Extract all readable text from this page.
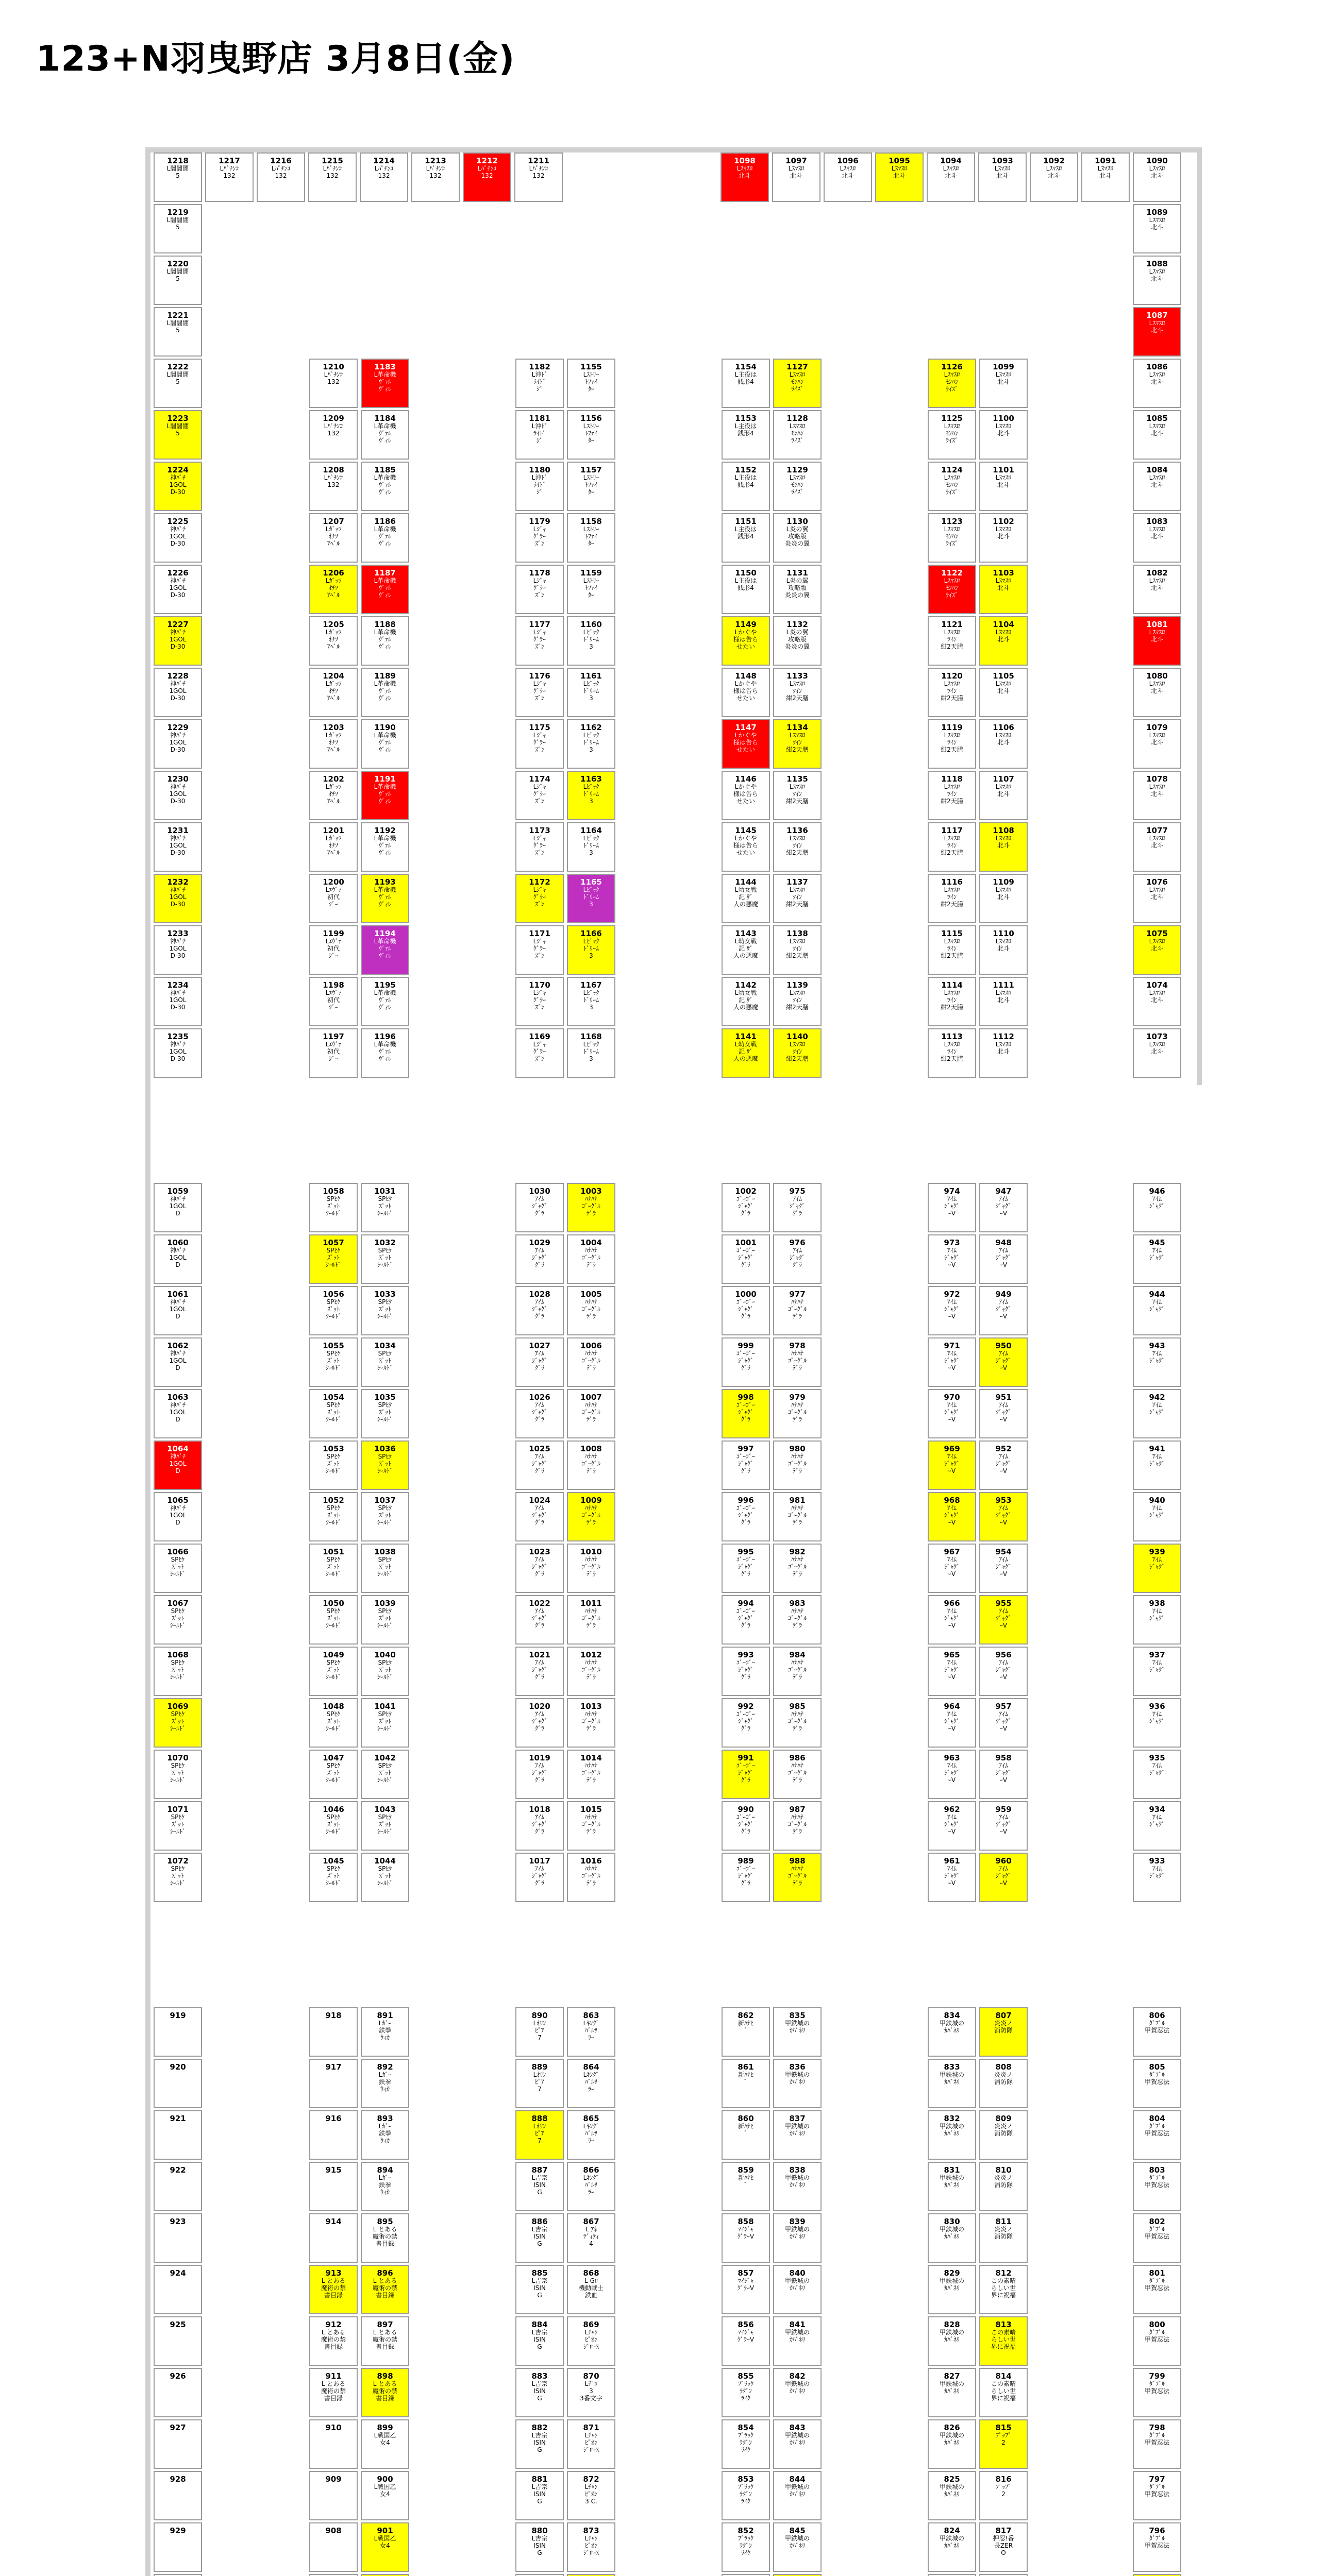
123+N羽曳野店 3月8日(金)
1218
L闇闇闇
5
1219
L闇闇闇
5
1220
L闇闇闇
5
1221
L闇闇闇
5
1222
L闇闇闇
5
1223
L闇闇闇
5
1224
神ﾊﾟﾁ
1GOL
D-30
1225
神ﾊﾟﾁ
1GOL
D-30
1226
神ﾊﾟﾁ
1GOL
D-30
1227
神ﾊﾟﾁ
1GOL
D-30
1228
神ﾊﾟﾁ
1GOL
D-30
1229
神ﾊﾟﾁ
1GOL
D-30
1230
神ﾊﾟﾁ
1GOL
D-30
1231
神ﾊﾟﾁ
1GOL
D-30
1232
神ﾊﾟﾁ
1GOL
D-30
1233
神ﾊﾟﾁ
1GOL
D-30
1234
神ﾊﾟﾁ
1GOL
D-30
1235
神ﾊﾟﾁ
1GOL
D-30
1059
神ﾊﾟﾁ
1GOL
D
1060
神ﾊﾟﾁ
1GOL
D
1061
神ﾊﾟﾁ
1GOL
D
1062
神ﾊﾟﾁ
1GOL
D
1063
神ﾊﾟﾁ
1GOL
D
1064
神ﾊﾟﾁ
1GOL
D
1065
神ﾊﾟﾁ
1GOL
D
1066
SPﾋｹ
ｽﾟｯﾄ
ｼｰﾙﾄﾞ
1067
SPﾋｹ
ｽﾟｯﾄ
ｼｰﾙﾄﾞ
1068
SPﾋｹ
ｽﾟｯﾄ
ｼｰﾙﾄﾞ
1069
SPﾋｹ
ｽﾟｯﾄ
ｼｰﾙﾄﾞ
1070
SPﾋｹ
ｽﾟｯﾄ
ｼｰﾙﾄﾞ
1071
SPﾋｹ
ｽﾟｯﾄ
ｼｰﾙﾄﾞ
1072
SPﾋｹ
ｽﾟｯﾄ
ｼｰﾙﾄﾞ
919
920
921
922
923
924
925
926
927
928
929
1217
Lﾊﾟﾁﾝｺ
132
1216
Lﾊﾟﾁﾝｺ
132
1215
Lﾊﾟﾁﾝｺ
132
1214
Lﾊﾟﾁﾝｺ
132
1213
Lﾊﾟﾁﾝｺ
132
1212
Lﾊﾟﾁﾝｺ
132
1211
Lﾊﾟﾁﾝｺ
132
1098
Lｽﾏｽﾛ
北斗
1097
Lｽﾏｽﾛ
北斗
1096
Lｽﾏｽﾛ
北斗
1095
Lｽﾏｽﾛ
北斗
1094
Lｽﾏｽﾛ
北斗
1093
Lｽﾏｽﾛ
北斗
1092
Lｽﾏｽﾛ
北斗
1091
Lｽﾏｽﾛ
北斗
1090
Lｽﾏｽﾛ
北斗
1089
Lｽﾏｽﾛ
北斗
1088
Lｽﾏｽﾛ
北斗
1087
Lｽﾏｽﾛ
北斗
1086
Lｽﾏｽﾛ
北斗
1085
Lｽﾏｽﾛ
北斗
1084
Lｽﾏｽﾛ
北斗
1083
Lｽﾏｽﾛ
北斗
1082
Lｽﾏｽﾛ
北斗
1081
Lｽﾏｽﾛ
北斗
1080
Lｽﾏｽﾛ
北斗
1079
Lｽﾏｽﾛ
北斗
1078
Lｽﾏｽﾛ
北斗
1077
Lｽﾏｽﾛ
北斗
1076
Lｽﾏｽﾛ
北斗
1075
Lｽﾏｽﾛ
北斗
1074
Lｽﾏｽﾛ
北斗
1073
Lｽﾏｽﾛ
北斗
946
ｱｲﾑ
ｼﾞｬｸﾞ
945
ｱｲﾑ
ｼﾞｬｸﾞ
944
ｱｲﾑ
ｼﾞｬｸﾞ
943
ｱｲﾑ
ｼﾞｬｸﾞ
942
ｱｲﾑ
ｼﾞｬｸﾞ
941
ｱｲﾑ
ｼﾞｬｸﾞ
940
ｱｲﾑ
ｼﾞｬｸﾞ
939
ｱｲﾑ
ｼﾞｬｸﾞ
938
ｱｲﾑ
ｼﾞｬｸﾞ
937
ｱｲﾑ
ｼﾞｬｸﾞ
936
ｱｲﾑ
ｼﾞｬｸﾞ
935
ｱｲﾑ
ｼﾞｬｸﾞ
934
ｱｲﾑ
ｼﾞｬｸﾞ
933
ｱｲﾑ
ｼﾞｬｸﾞ
806
ﾀﾞﾌﾞﾙ
甲賀忍法
805
ﾀﾞﾌﾞﾙ
甲賀忍法
804
ﾀﾞﾌﾞﾙ
甲賀忍法
803
ﾀﾞﾌﾞﾙ
甲賀忍法
802
ﾀﾞﾌﾞﾙ
甲賀忍法
801
ﾀﾞﾌﾞﾙ
甲賀忍法
800
ﾀﾞﾌﾞﾙ
甲賀忍法
799
ﾀﾞﾌﾞﾙ
甲賀忍法
798
ﾀﾞﾌﾞﾙ
甲賀忍法
797
ﾀﾞﾌﾞﾙ
甲賀忍法
796
ﾀﾞﾌﾞﾙ
甲賀忍法
1210
Lﾊﾟﾁﾝｺ
132
1209
Lﾊﾟﾁﾝｺ
132
1208
Lﾊﾟﾁﾝｺ
132
1207
Lｶﾞｯﾂ
ｵﾁｿ
ｱﾍﾞﾙ
1206
Lｶﾞｯﾂ
ｵﾁｿ
ｱﾍﾞﾙ
1205
Lｶﾞｯﾂ
ｵﾁｿ
ｱﾍﾞﾙ
1204
Lｶﾞｯﾂ
ｵﾁｿ
ｱﾍﾞﾙ
1203
Lｶﾞｯﾂ
ｵﾁｿ
ｱﾍﾞﾙ
1202
Lｶﾞｯﾂ
ｵﾁｿ
ｱﾍﾞﾙ
1201
Lｶﾞｯﾂ
ｵﾁｿ
ｱﾍﾞﾙ
1200
Lｴｳﾞｧ
初代
ｼﾞｰ
1199
Lｴｳﾞｧ
初代
ｼﾞｰ
1198
Lｴｳﾞｧ
初代
ｼﾞｰ
1197
Lｴｳﾞｧ
初代
ｼﾞｰ
1183
L革命機
ｳﾞｧﾙ
ｳﾞｨﾚ
1184
L革命機
ｳﾞｧﾙ
ｳﾞｨﾚ
1185
L革命機
ｳﾞｧﾙ
ｳﾞｨﾚ
1186
L革命機
ｳﾞｧﾙ
ｳﾞｨﾚ
1187
L革命機
ｳﾞｧﾙ
ｳﾞｨﾚ
1188
L革命機
ｳﾞｧﾙ
ｳﾞｨﾚ
1189
L革命機
ｳﾞｧﾙ
ｳﾞｨﾚ
1190
L革命機
ｳﾞｧﾙ
ｳﾞｨﾚ
1191
L革命機
ｳﾞｧﾙ
ｳﾞｨﾚ
1192
L革命機
ｳﾞｧﾙ
ｳﾞｨﾚ
1193
L革命機
ｳﾞｧﾙ
ｳﾞｨﾚ
1194
L革命機
ｳﾞｧﾙ
ｳﾞｨﾚ
1195
L革命機
ｳﾞｧﾙ
ｳﾞｨﾚ
1196
L革命機
ｳﾞｧﾙ
ｳﾞｨﾚ
1058
SPﾋｹ
ｽﾟｯﾄ
ｼｰﾙﾄﾞ
1057
SPﾋｹ
ｽﾟｯﾄ
ｼｰﾙﾄﾞ
1056
SPﾋｹ
ｽﾟｯﾄ
ｼｰﾙﾄﾞ
1055
SPﾋｹ
ｽﾟｯﾄ
ｼｰﾙﾄﾞ
1054
SPﾋｹ
ｽﾟｯﾄ
ｼｰﾙﾄﾞ
1053
SPﾋｹ
ｽﾟｯﾄ
ｼｰﾙﾄﾞ
1052
SPﾋｹ
ｽﾟｯﾄ
ｼｰﾙﾄﾞ
1051
SPﾋｹ
ｽﾟｯﾄ
ｼｰﾙﾄﾞ
1050
SPﾋｹ
ｽﾟｯﾄ
ｼｰﾙﾄﾞ
1049
SPﾋｹ
ｽﾟｯﾄ
ｼｰﾙﾄﾞ
1048
SPﾋｹ
ｽﾟｯﾄ
ｼｰﾙﾄﾞ
1047
SPﾋｹ
ｽﾟｯﾄ
ｼｰﾙﾄﾞ
1046
SPﾋｹ
ｽﾟｯﾄ
ｼｰﾙﾄﾞ
1045
SPﾋｹ
ｽﾟｯﾄ
ｼｰﾙﾄﾞ
1031
SPﾋｹ
ｽﾟｯﾄ
ｼｰﾙﾄﾞ
1032
SPﾋｹ
ｽﾟｯﾄ
ｼｰﾙﾄﾞ
1033
SPﾋｹ
ｽﾟｯﾄ
ｼｰﾙﾄﾞ
1034
SPﾋｹ
ｽﾟｯﾄ
ｼｰﾙﾄﾞ
1035
SPﾋｹ
ｽﾟｯﾄ
ｼｰﾙﾄﾞ
1036
SPﾋｹ
ｽﾟｯﾄ
ｼｰﾙﾄﾞ
1037
SPﾋｹ
ｽﾟｯﾄ
ｼｰﾙﾄﾞ
1038
SPﾋｹ
ｽﾟｯﾄ
ｼｰﾙﾄﾞ
1039
SPﾋｹ
ｽﾟｯﾄ
ｼｰﾙﾄﾞ
1040
SPﾋｹ
ｽﾟｯﾄ
ｼｰﾙﾄﾞ
1041
SPﾋｹ
ｽﾟｯﾄ
ｼｰﾙﾄﾞ
1042
SPﾋｹ
ｽﾟｯﾄ
ｼｰﾙﾄﾞ
1043
SPﾋｹ
ｽﾟｯﾄ
ｼｰﾙﾄﾞ
1044
SPﾋｹ
ｽﾟｯﾄ
ｼｰﾙﾄﾞ
918
917
916
915
914
913
L とある
魔術の禁
書目録
912
L とある
魔術の禁
書目録
911
L とある
魔術の禁
書目録
910
909
908
891
Lｶﾞｰ
鉄拳
ｳｨｶ
892
Lｶﾞｰ
鉄拳
ｳｨｶ
893
Lｶﾞｰ
鉄拳
ｳｨｶ
894
Lｶﾞｰ
鉄拳
ｳｨｶ
895
L とある
魔術の禁
書目録
896
L とある
魔術の禁
書目録
897
L とある
魔術の禁
書目録
898
L とある
魔術の禁
書目録
899
L戦国乙
女4
900
L戦国乙
女4
901
L戦国乙
女4
1182
L沖ﾄﾞ
ﾗｲﾄﾞ
ｼﾞ
1181
L沖ﾄﾞ
ﾗｲﾄﾞ
ｼﾞ
1180
L沖ﾄﾞ
ﾗｲﾄﾞ
ｼﾞ
1179
Lｼﾞｬ
ｸﾞﾗｰ
ｽﾞﾝ
1178
Lｼﾞｬ
ｸﾞﾗｰ
ｽﾞﾝ
1177
Lｼﾞｬ
ｸﾞﾗｰ
ｽﾞﾝ
1176
Lｼﾞｬ
ｸﾞﾗｰ
ｽﾞﾝ
1175
Lｼﾞｬ
ｸﾞﾗｰ
ｽﾞﾝ
1174
Lｼﾞｬ
ｸﾞﾗｰ
ｽﾞﾝ
1173
Lｼﾞｬ
ｸﾞﾗｰ
ｽﾞﾝ
1172
Lｼﾞｬ
ｸﾞﾗｰ
ｽﾞﾝ
1171
Lｼﾞｬ
ｸﾞﾗｰ
ｽﾞﾝ
1170
Lｼﾞｬ
ｸﾞﾗｰ
ｽﾞﾝ
1169
Lｼﾞｬ
ｸﾞﾗｰ
ｽﾞﾝ
1155
Lｽﾄﾘｰ
ﾄﾌｧｲ
ﾀｰ
1156
Lｽﾄﾘｰ
ﾄﾌｧｲ
ﾀｰ
1157
Lｽﾄﾘｰ
ﾄﾌｧｲ
ﾀｰ
1158
Lｽﾄﾘｰ
ﾄﾌｧｲ
ﾀｰ
1159
Lｽﾄﾘｰ
ﾄﾌｧｲ
ﾀｰ
1160
Lﾋﾞｯｸ
ﾄﾞﾘｰﾑ
3
1161
Lﾋﾞｯｸ
ﾄﾞﾘｰﾑ
3
1162
Lﾋﾞｯｸ
ﾄﾞﾘｰﾑ
3
1163
Lﾋﾞｯｸ
ﾄﾞﾘｰﾑ
3
1164
Lﾋﾞｯｸ
ﾄﾞﾘｰﾑ
3
1165
Lﾋﾞｯｸ
ﾄﾞﾘｰﾑ
3
1166
Lﾋﾞｯｸ
ﾄﾞﾘｰﾑ
3
1167
Lﾋﾞｯｸ
ﾄﾞﾘｰﾑ
3
1168
Lﾋﾞｯｸ
ﾄﾞﾘｰﾑ
3
1030
ｱｲﾑ
ｼﾞｬｸﾞ
ｸﾞﾗ
1029
ｱｲﾑ
ｼﾞｬｸﾞ
ｸﾞﾗ
1028
ｱｲﾑ
ｼﾞｬｸﾞ
ｸﾞﾗ
1027
ｱｲﾑ
ｼﾞｬｸﾞ
ｸﾞﾗ
1026
ｱｲﾑ
ｼﾞｬｸﾞ
ｸﾞﾗ
1025
ｱｲﾑ
ｼﾞｬｸﾞ
ｸﾞﾗ
1024
ｱｲﾑ
ｼﾞｬｸﾞ
ｸﾞﾗ
1023
ｱｲﾑ
ｼﾞｬｸﾞ
ｸﾞﾗ
1022
ｱｲﾑ
ｼﾞｬｸﾞ
ｸﾞﾗ
1021
ｱｲﾑ
ｼﾞｬｸﾞ
ｸﾞﾗ
1020
ｱｲﾑ
ｼﾞｬｸﾞ
ｸﾞﾗ
1019
ｱｲﾑ
ｼﾞｬｸﾞ
ｸﾞﾗ
1018
ｱｲﾑ
ｼﾞｬｸﾞ
ｸﾞﾗ
1017
ｱｲﾑ
ｼﾞｬｸﾞ
ｸﾞﾗ
1003
ﾊﾅﾊﾅ
ｺﾞｰｸﾞﾙ
ﾃﾞﾗ
1004
ﾊﾅﾊﾅ
ｺﾞｰｸﾞﾙ
ﾃﾞﾗ
1005
ﾊﾅﾊﾅ
ｺﾞｰｸﾞﾙ
ﾃﾞﾗ
1006
ﾊﾅﾊﾅ
ｺﾞｰｸﾞﾙ
ﾃﾞﾗ
1007
ﾊﾅﾊﾅ
ｺﾞｰｸﾞﾙ
ﾃﾞﾗ
1008
ﾊﾅﾊﾅ
ｺﾞｰｸﾞﾙ
ﾃﾞﾗ
1009
ﾊﾅﾊﾅ
ｺﾞｰｸﾞﾙ
ﾃﾞﾗ
1010
ﾊﾅﾊﾅ
ｺﾞｰｸﾞﾙ
ﾃﾞﾗ
1011
ﾊﾅﾊﾅ
ｺﾞｰｸﾞﾙ
ﾃﾞﾗ
1012
ﾊﾅﾊﾅ
ｺﾞｰｸﾞﾙ
ﾃﾞﾗ
1013
ﾊﾅﾊﾅ
ｺﾞｰｸﾞﾙ
ﾃﾞﾗ
1014
ﾊﾅﾊﾅ
ｺﾞｰｸﾞﾙ
ﾃﾞﾗ
1015
ﾊﾅﾊﾅ
ｺﾞｰｸﾞﾙ
ﾃﾞﾗ
1016
ﾊﾅﾊﾅ
ｺﾞｰｸﾞﾙ
ﾃﾞﾗ
890
Lｵﾘﾝ
ﾋﾟｱ
7
889
Lｵﾘﾝ
ﾋﾟｱ
7
888
Lｵﾘﾝ
ﾋﾟｱ
7
887
L吉宗
ISIN
G
886
L吉宗
ISIN
G
885
L吉宗
ISIN
G
884
L吉宗
ISIN
G
883
L吉宗
ISIN
G
882
L吉宗
ISIN
G
881
L吉宗
ISIN
G
880
L吉宗
ISIN
G
863
Lｷﾝｸﾞ
ﾊﾞﾙｻ
ﾗｰ
864
Lｷﾝｸﾞ
ﾊﾞﾙｻ
ﾗｰ
865
Lｷﾝｸﾞ
ﾊﾞﾙｻ
ﾗｰ
866
Lｷﾝｸﾞ
ﾊﾞﾙｻ
ﾗｰ
867
L ｱﾈ
ﾃﾞｨﾃｨ
4
868
L Gﾛ
機動戦士
鉄血
869
Lﾁｬﾝ
ﾋﾟｵﾝ
ｼﾞﾛｰｽ
870
Lﾃﾞﾛ
3
3番文字
871
Lﾁｬﾝ
ﾋﾟｵﾝ
ｼﾞﾛｰｽ
872
Lﾁｬﾝ
ﾋﾟｵﾝ
3 C.
873
Lﾁｬﾝ
ﾋﾟｵﾝ
ｼﾞﾛｰｽ
1154
L主役は
銭形4
1153
L主役は
銭形4
1152
L主役は
銭形4
1151
L主役は
銭形4
1150
L主役は
銭形4
1149
Lかぐや
様は告ら
せたい
1148
Lかぐや
様は告ら
せたい
1147
Lかぐや
様は告ら
せたい
1146
Lかぐや
様は告ら
せたい
1145
Lかぐや
様は告ら
せたい
1144
L幼女戦
記 ｻﾞ
人の悪魔
1143
L幼女戦
記 ｻﾞ
人の悪魔
1142
L幼女戦
記 ｻﾞ
人の悪魔
1141
L幼女戦
記 ｻﾞ
人の悪魔
1127
Lｽﾏｽﾛ
ﾓﾝﾊﾝ
ﾗｲｽﾞ
1128
Lｽﾏｽﾛ
ﾓﾝﾊﾝ
ﾗｲｽﾞ
1129
Lｽﾏｽﾛ
ﾓﾝﾊﾝ
ﾗｲｽﾞ
1130
L炎の翼
攻略版
炎炎の翼
1131
L炎の翼
攻略版
炎炎の翼
1132
L炎の翼
攻略版
炎炎の翼
1133
Lｽﾏｽﾛ
ﾂｲﾝ
紺2天膳
1134
Lｽﾏｽﾛ
ﾂｲﾝ
紺2天膳
1135
Lｽﾏｽﾛ
ﾂｲﾝ
紺2天膳
1136
Lｽﾏｽﾛ
ﾂｲﾝ
紺2天膳
1137
Lｽﾏｽﾛ
ﾂｲﾝ
紺2天膳
1138
Lｽﾏｽﾛ
ﾂｲﾝ
紺2天膳
1139
Lｽﾏｽﾛ
ﾂｲﾝ
紺2天膳
1140
Lｽﾏｽﾛ
ﾂｲﾝ
紺2天膳
1002
ｺﾞｰｺﾞｰ
ｼﾞｬｸﾞ
ｸﾞﾗ
1001
ｺﾞｰｺﾞｰ
ｼﾞｬｸﾞ
ｸﾞﾗ
1000
ｺﾞｰｺﾞｰ
ｼﾞｬｸﾞ
ｸﾞﾗ
999
ｺﾞｰｺﾞｰ
ｼﾞｬｸﾞ
ｸﾞﾗ
998
ｺﾞｰｺﾞｰ
ｼﾞｬｸﾞ
ｸﾞﾗ
997
ｺﾞｰｺﾞｰ
ｼﾞｬｸﾞ
ｸﾞﾗ
996
ｺﾞｰｺﾞｰ
ｼﾞｬｸﾞ
ｸﾞﾗ
995
ｺﾞｰｺﾞｰ
ｼﾞｬｸﾞ
ｸﾞﾗ
994
ｺﾞｰｺﾞｰ
ｼﾞｬｸﾞ
ｸﾞﾗ
993
ｺﾞｰｺﾞｰ
ｼﾞｬｸﾞ
ｸﾞﾗ
992
ｺﾞｰｺﾞｰ
ｼﾞｬｸﾞ
ｸﾞﾗ
991
ｺﾞｰｺﾞｰ
ｼﾞｬｸﾞ
ｸﾞﾗ
990
ｺﾞｰｺﾞｰ
ｼﾞｬｸﾞ
ｸﾞﾗ
989
ｺﾞｰｺﾞｰ
ｼﾞｬｸﾞ
ｸﾞﾗ
975
ｱｲﾑ
ｼﾞｬｸﾞ
ｸﾞﾗ
976
ｱｲﾑ
ｼﾞｬｸﾞ
ｸﾞﾗ
977
ﾊﾅﾊﾅ
ｺﾞｰｸﾞﾙ
ﾃﾞﾗ
978
ﾊﾅﾊﾅ
ｺﾞｰｸﾞﾙ
ﾃﾞﾗ
979
ﾊﾅﾊﾅ
ｺﾞｰｸﾞﾙ
ﾃﾞﾗ
980
ﾊﾅﾊﾅ
ｺﾞｰｸﾞﾙ
ﾃﾞﾗ
981
ﾊﾅﾊﾅ
ｺﾞｰｸﾞﾙ
ﾃﾞﾗ
982
ﾊﾅﾊﾅ
ｺﾞｰｸﾞﾙ
ﾃﾞﾗ
983
ﾊﾅﾊﾅ
ｺﾞｰｸﾞﾙ
ﾃﾞﾗ
984
ﾊﾅﾊﾅ
ｺﾞｰｸﾞﾙ
ﾃﾞﾗ
985
ﾊﾅﾊﾅ
ｺﾞｰｸﾞﾙ
ﾃﾞﾗ
986
ﾊﾅﾊﾅ
ｺﾞｰｸﾞﾙ
ﾃﾞﾗ
987
ﾊﾅﾊﾅ
ｺﾞｰｸﾞﾙ
ﾃﾞﾗ
988
ﾊﾅﾊﾅ
ｺﾞｰｸﾞﾙ
ﾃﾞﾗ
862
新ﾊﾅﾋ
ﾞ
861
新ﾊﾅﾋ
ﾞ
860
新ﾊﾅﾋ
ﾞ
859
新ﾊﾅﾋ
ﾞ
858
ﾏｲｼﾞｬ
ｸﾞﾗｰV
857
ﾏｲｼﾞｬ
ｸﾞﾗｰV
856
ﾏｲｼﾞｬ
ｸﾞﾗｰV
855
ﾌﾞﾗｯｸ
ﾗｸﾞﾝ
ﾗｲｸ
854
ﾌﾞﾗｯｸ
ﾗｸﾞﾝ
ﾗｲｸ
853
ﾌﾞﾗｯｸ
ﾗｸﾞﾝ
ﾗｲｸ
852
ﾌﾞﾗｯｸ
ﾗｸﾞﾝ
ﾗｲｸ
835
甲鉄城の
ｶﾊﾞﾈﾘ
836
甲鉄城の
ｶﾊﾞﾈﾘ
837
甲鉄城の
ｶﾊﾞﾈﾘ
838
甲鉄城の
ｶﾊﾞﾈﾘ
839
甲鉄城の
ｶﾊﾞﾈﾘ
840
甲鉄城の
ｶﾊﾞﾈﾘ
841
甲鉄城の
ｶﾊﾞﾈﾘ
842
甲鉄城の
ｶﾊﾞﾈﾘ
843
甲鉄城の
ｶﾊﾞﾈﾘ
844
甲鉄城の
ｶﾊﾞﾈﾘ
845
甲鉄城の
ｶﾊﾞﾈﾘ
1126
Lｽﾏｽﾛ
ﾓﾝﾊﾝ
ﾗｲｽﾞ
1125
Lｽﾏｽﾛ
ﾓﾝﾊﾝ
ﾗｲｽﾞ
1124
Lｽﾏｽﾛ
ﾓﾝﾊﾝ
ﾗｲｽﾞ
1123
Lｽﾏｽﾛ
ﾓﾝﾊﾝ
ﾗｲｽﾞ
1122
Lｽﾏｽﾛ
ﾓﾝﾊﾝ
ﾗｲｽﾞ
1121
Lｽﾏｽﾛ
ﾂｲﾝ
紺2天膳
1120
Lｽﾏｽﾛ
ﾂｲﾝ
紺2天膳
1119
Lｽﾏｽﾛ
ﾂｲﾝ
紺2天膳
1118
Lｽﾏｽﾛ
ﾂｲﾝ
紺2天膳
1117
Lｽﾏｽﾛ
ﾂｲﾝ
紺2天膳
1116
Lｽﾏｽﾛ
ﾂｲﾝ
紺2天膳
1115
Lｽﾏｽﾛ
ﾂｲﾝ
紺2天膳
1114
Lｽﾏｽﾛ
ﾂｲﾝ
紺2天膳
1113
Lｽﾏｽﾛ
ﾂｲﾝ
紺2天膳
1099
Lｽﾏｽﾛ
北斗
1100
Lｽﾏｽﾛ
北斗
1101
Lｽﾏｽﾛ
北斗
1102
Lｽﾏｽﾛ
北斗
1103
Lｽﾏｽﾛ
北斗
1104
Lｽﾏｽﾛ
北斗
1105
Lｽﾏｽﾛ
北斗
1106
Lｽﾏｽﾛ
北斗
1107
Lｽﾏｽﾛ
北斗
1108
Lｽﾏｽﾛ
北斗
1109
Lｽﾏｽﾛ
北斗
1110
Lｽﾏｽﾛ
北斗
1111
Lｽﾏｽﾛ
北斗
1112
Lｽﾏｽﾛ
北斗
974
ｱｲﾑ
ｼﾞｬｸﾞ
ｰV
973
ｱｲﾑ
ｼﾞｬｸﾞ
ｰV
972
ｱｲﾑ
ｼﾞｬｸﾞ
ｰV
971
ｱｲﾑ
ｼﾞｬｸﾞ
ｰV
970
ｱｲﾑ
ｼﾞｬｸﾞ
ｰV
969
ｱｲﾑ
ｼﾞｬｸﾞ
ｰV
968
ｱｲﾑ
ｼﾞｬｸﾞ
ｰV
967
ｱｲﾑ
ｼﾞｬｸﾞ
ｰV
966
ｱｲﾑ
ｼﾞｬｸﾞ
ｰV
965
ｱｲﾑ
ｼﾞｬｸﾞ
ｰV
964
ｱｲﾑ
ｼﾞｬｸﾞ
ｰV
963
ｱｲﾑ
ｼﾞｬｸﾞ
ｰV
962
ｱｲﾑ
ｼﾞｬｸﾞ
ｰV
961
ｱｲﾑ
ｼﾞｬｸﾞ
ｰV
947
ｱｲﾑ
ｼﾞｬｸﾞ
ｰV
948
ｱｲﾑ
ｼﾞｬｸﾞ
ｰV
949
ｱｲﾑ
ｼﾞｬｸﾞ
ｰV
950
ｱｲﾑ
ｼﾞｬｸﾞ
ｰV
951
ｱｲﾑ
ｼﾞｬｸﾞ
ｰV
952
ｱｲﾑ
ｼﾞｬｸﾞ
ｰV
953
ｱｲﾑ
ｼﾞｬｸﾞ
ｰV
954
ｱｲﾑ
ｼﾞｬｸﾞ
ｰV
955
ｱｲﾑ
ｼﾞｬｸﾞ
ｰV
956
ｱｲﾑ
ｼﾞｬｸﾞ
ｰV
957
ｱｲﾑ
ｼﾞｬｸﾞ
ｰV
958
ｱｲﾑ
ｼﾞｬｸﾞ
ｰV
959
ｱｲﾑ
ｼﾞｬｸﾞ
ｰV
960
ｱｲﾑ
ｼﾞｬｸﾞ
ｰV
834
甲鉄城の
ｶﾊﾞﾈﾘ
833
甲鉄城の
ｶﾊﾞﾈﾘ
832
甲鉄城の
ｶﾊﾞﾈﾘ
831
甲鉄城の
ｶﾊﾞﾈﾘ
830
甲鉄城の
ｶﾊﾞﾈﾘ
829
甲鉄城の
ｶﾊﾞﾈﾘ
828
甲鉄城の
ｶﾊﾞﾈﾘ
827
甲鉄城の
ｶﾊﾞﾈﾘ
826
甲鉄城の
ｶﾊﾞﾈﾘ
825
甲鉄城の
ｶﾊﾞﾈﾘ
824
甲鉄城の
ｶﾊﾞﾈﾘ
807
炎炎ノ
消防隊
808
炎炎ノ
消防隊
809
炎炎ノ
消防隊
810
炎炎ノ
消防隊
811
炎炎ノ
消防隊
812
この素晴
らしい世
界に祝福
813
この素晴
らしい世
界に祝福
814
この素晴
らしい世
界に祝福
815
ﾌﾟｯﾌﾟ
2
816
ﾌﾟｯﾌﾟ
2
817
押忍!番
長ZER
O
